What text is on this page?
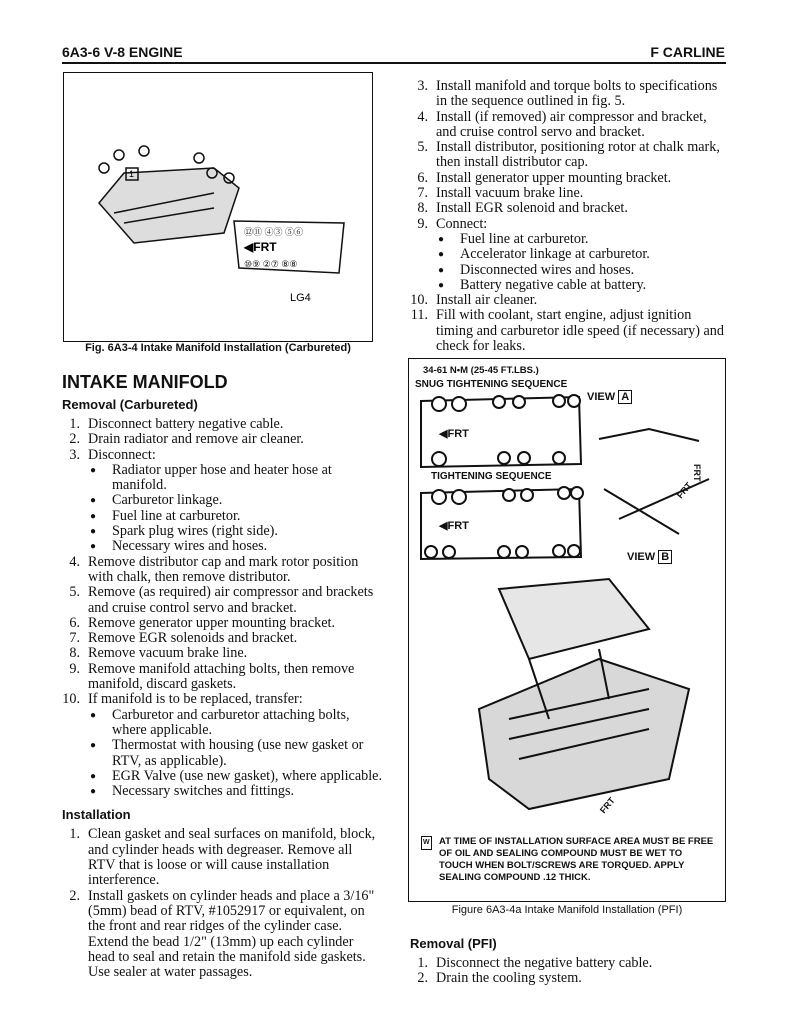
6A3-6 V-8 ENGINE	F CARLINE
⑫⑪ ④③ ⑤⑥
⑩⑨ ②⑦ ⑧⑧
1
◀FRT
LG4
Fig. 6A3-4 Intake Manifold Installation (Carbureted)
INTAKE MANIFOLD
Removal (Carbureted)
1. Disconnect battery negative cable.
2. Drain radiator and remove air cleaner.
3. Disconnect:
● Radiator upper hose and heater hose at manifold.
● Carburetor linkage.
● Fuel line at carburetor.
● Spark plug wires (right side).
● Necessary wires and hoses.
4. Remove distributor cap and mark rotor position with chalk, then remove distributor.
5. Remove (as required) air compressor and brackets and cruise control servo and bracket.
6. Remove generator upper mounting bracket.
7. Remove EGR solenoids and bracket.
8. Remove vacuum brake line.
9. Remove manifold attaching bolts, then remove manifold, discard gaskets.
10. If manifold is to be replaced, transfer:
● Carburetor and carburetor attaching bolts, where applicable.
● Thermostat with housing (use new gasket or RTV, as applicable).
● EGR Valve (use new gasket), where applicable.
● Necessary switches and fittings.
Installation
1. Clean gasket and seal surfaces on manifold, block, and cylinder heads with degreaser. Remove all RTV that is loose or will cause installation interference.
2. Install gaskets on cylinder heads and place a 3/16" (5mm) bead of RTV, #1052917 or equivalent, on the front and rear ridges of the cylinder case. Extend the bead 1/2" (13mm) up each cylinder head to seal and retain the manifold side gaskets. Use sealer at water passages.
3. Install manifold and torque bolts to specifications in the sequence outlined in fig. 5.
4. Install (if removed) air compressor and bracket, and cruise control servo and bracket.
5. Install distributor, positioning rotor at chalk mark, then install distributor cap.
6. Install generator upper mounting bracket.
7. Install vacuum brake line.
8. Install EGR solenoid and bracket.
9. Connect:
● Fuel line at carburetor.
● Accelerator linkage at carburetor.
● Disconnected wires and hoses.
● Battery negative cable at battery.
10. Install air cleaner.
11. Fill with coolant, start engine, adjust ignition timing and carburetor idle speed (if necessary) and check for leaks.
34-61 N•M (25-45 FT.LBS.)
SNUG TIGHTENING SEQUENCE
TIGHTENING SEQUENCE
VIEW A
VIEW B
◀FRT
◀FRT
FRT
FRT
FRT
W AT TIME OF INSTALLATION SURFACE AREA MUST BE FREE OF OIL AND SEALING COMPOUND MUST BE WET TO TOUCH WHEN BOLT/SCREWS ARE TORQUED. APPLY SEALING COMPOUND .12 THICK.
Figure 6A3-4a Intake Manifold Installation (PFI)
Removal (PFI)
1. Disconnect the negative battery cable.
2. Drain the cooling system.
